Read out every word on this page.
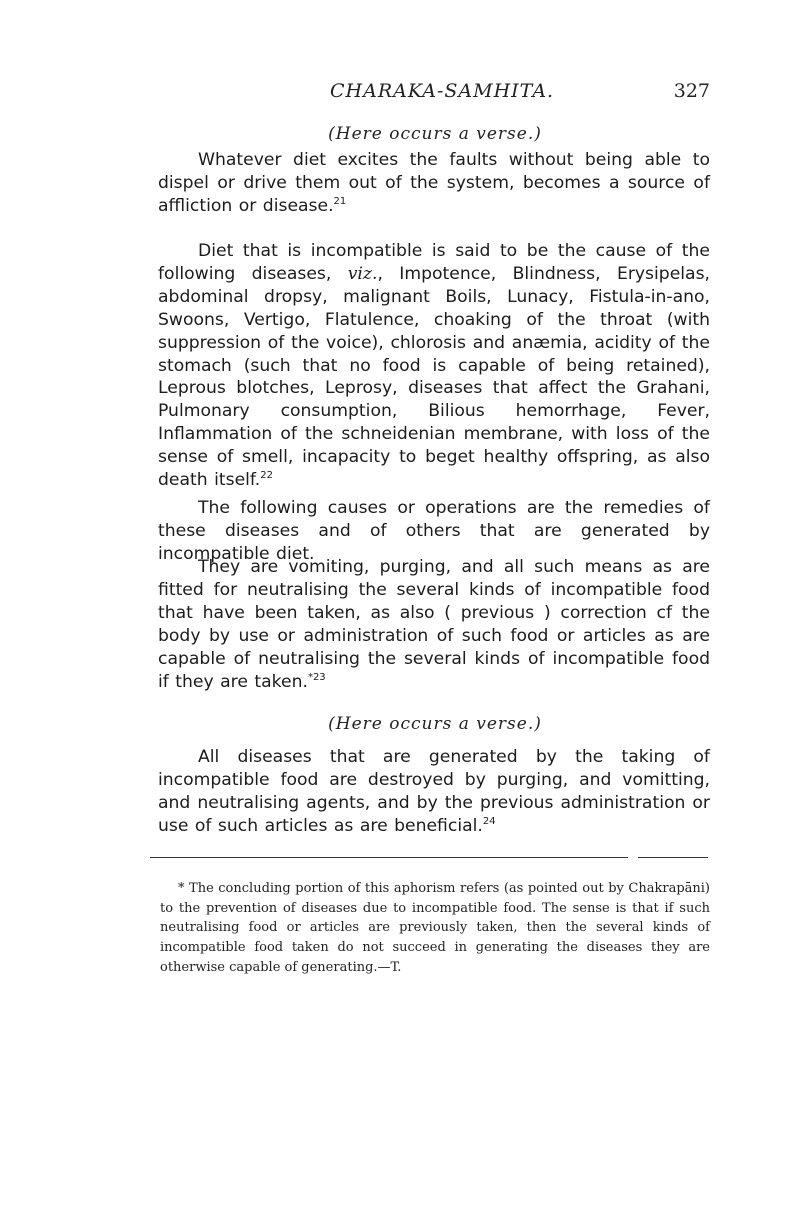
CHARAKA-SAMHITA.	327
(Here occurs a verse.)

Whatever diet excites the faults without being able to dispel or drive them out of the system, becomes a source of affliction or disease.$^{21}$

Diet that is incompatible is said to be the cause of the following diseases, viz., Impotence, Blindness, Erysipelas, abdominal dropsy, malignant Boils, Lunacy, Fistula-in-ano, Swoons, Vertigo, Flatulence, choaking of the throat (with suppression of the voice), chlorosis and anæmia, acidity of the stomach (such that no food is capable of being retained), Leprous blotches, Leprosy, diseases that affect the Grahani, Pulmonary consumption, Bilious hemorrhage, Fever, Inflammation of the schneidenian membrane, with loss of the sense of smell, incapacity to beget healthy offspring, as also death itself.$^{22}$

The following causes or operations are the remedies of these diseases and of others that are generated by incompatible diet.

They are vomiting, purging, and all such means as are fitted for neutralising the several kinds of incompatible food that have been taken, as also ( previous ) correction cf the body by use or administration of such food or articles as are capable of neutralising the several kinds of incompatible food if they are taken.$^{*23}$

(Here occurs a verse.)

All diseases that are generated by the taking of incompatible food are destroyed by purging, and vomitting, and neutralising agents, and by the previous administration or use of such articles as are beneficial.$^{24}$

* The concluding portion of this aphorism refers (as pointed out by Chakrapāni) to the prevention of diseases due to incompatible food. The sense is that if such neutralising food or articles are previously taken, then the several kinds of incompatible food taken do not succeed in generating the diseases they are otherwise capable of generating.—T.
